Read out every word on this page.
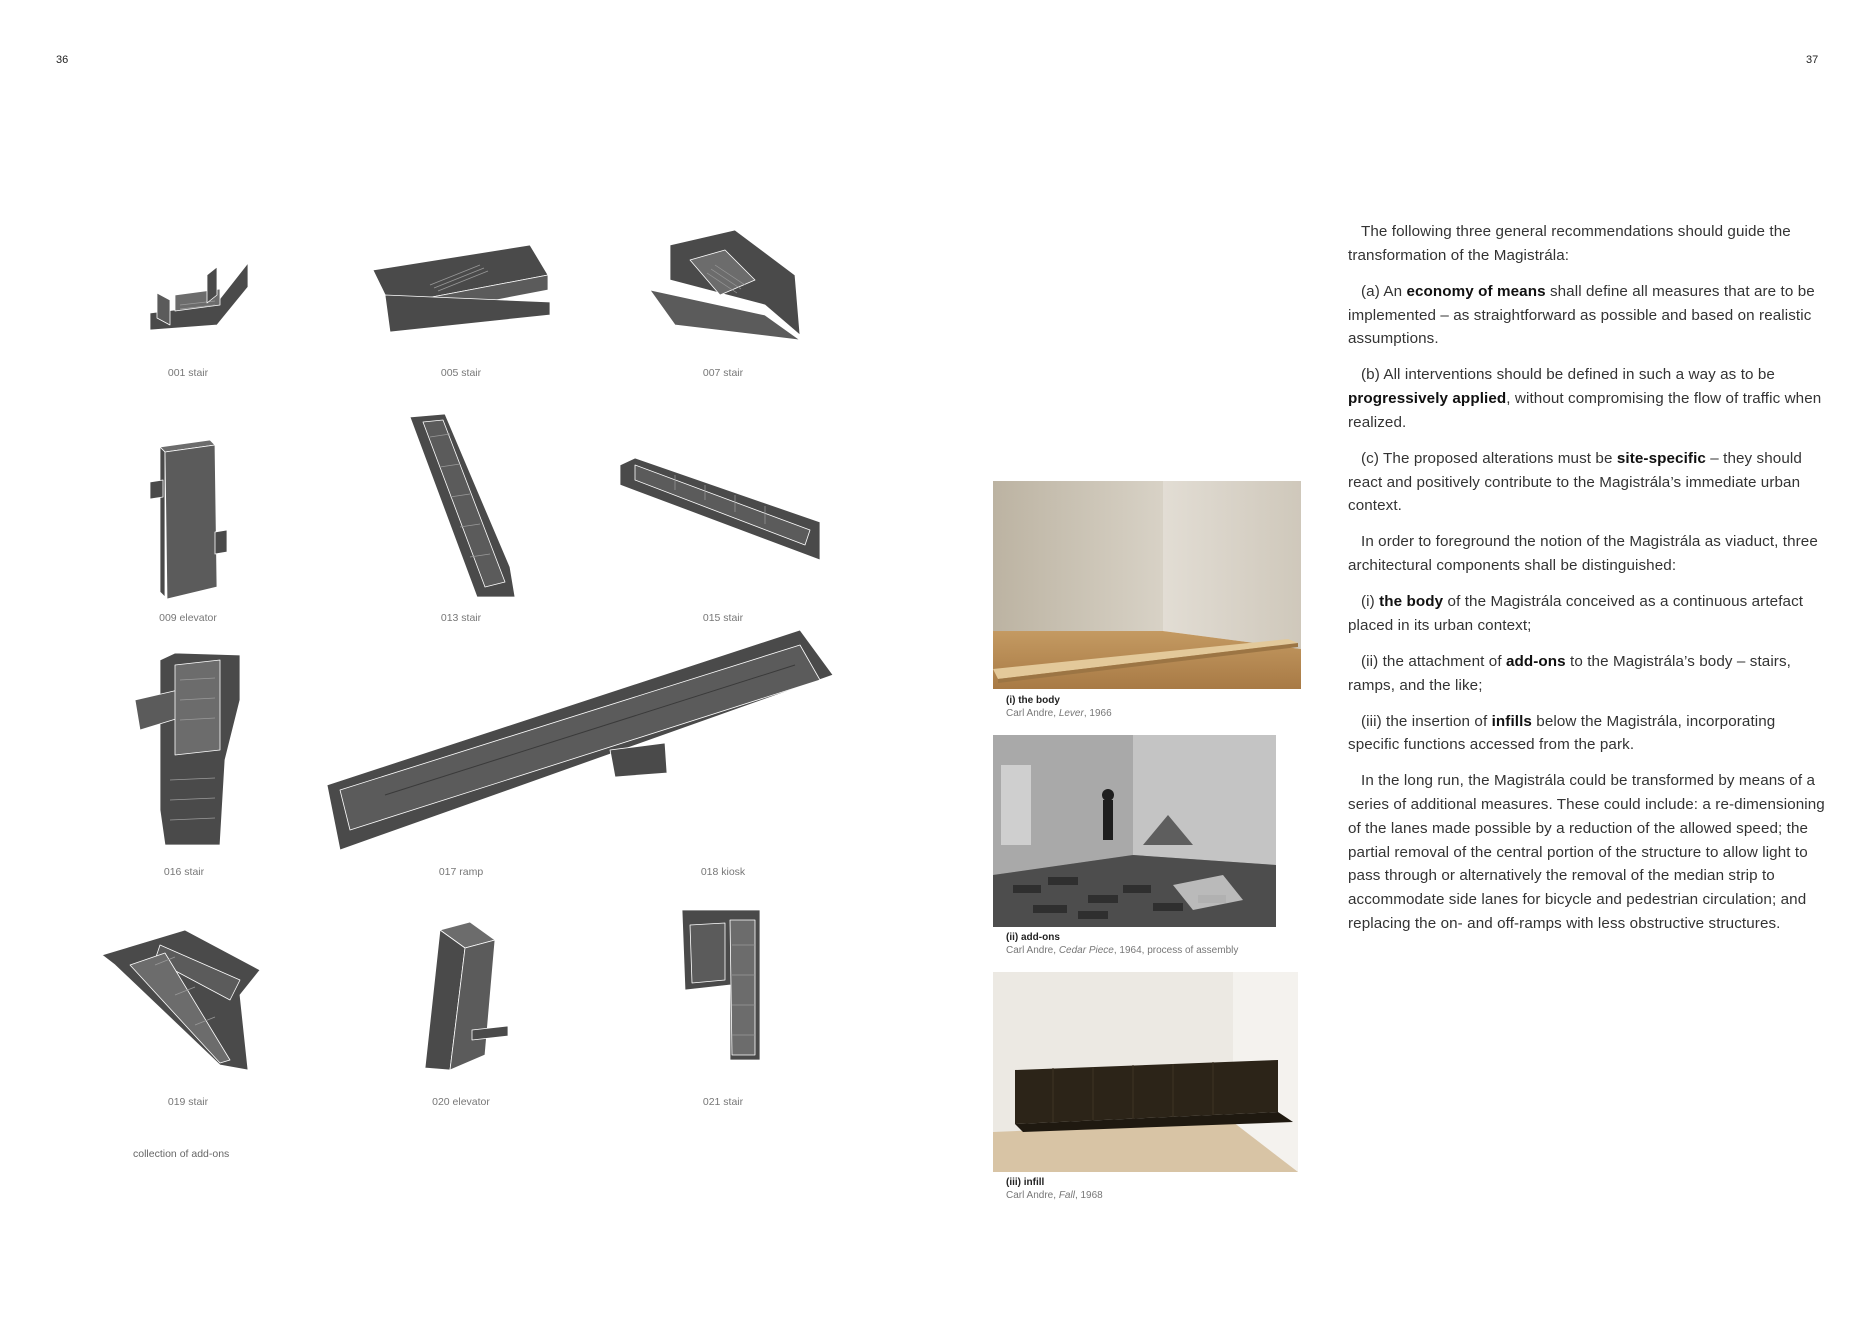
36	37
001 stair	005 stair	007 stair
009 elevator	013 stair	015 stair
016 stair	017 ramp	018 kiosk
019 stair	020 elevator	021 stair
collection of add-ons
(i) the body
Carl Andre, Lever, 1966
(ii) add-ons
Carl Andre, Cedar Piece, 1964, process of assembly
(iii) infill
Carl Andre, Fall, 1968

The following three general recommendations should guide the transformation of the Magistrála:

(a) An economy of means shall define all measures that are to be implemented – as straightforward as possible and based on realistic assumptions.

(b) All interventions should be defined in such a way as to be progressively applied, without compromising the flow of traffic when realized.

(c) The proposed alterations must be site-specific – they should react and positively contribute to the Magistrála’s immediate urban context.

In order to foreground the notion of the Magistrála as viaduct, three architectural components shall be distinguished:

(i) the body of the Magistrála conceived as a continuous artefact placed in its urban context;

(ii) the attachment of add-ons to the Magistrála’s body – stairs, ramps, and the like;

(iii) the insertion of infills below the Magistrála, incorporating specific functions accessed from the park.

In the long run, the Magistrála could be transformed by means of a series of additional measures. These could include: a re-dimensioning of the lanes made possible by a reduction of the allowed speed; the partial removal of the central portion of the structure to allow light to pass through or alternatively the removal of the median strip to accommodate side lanes for bicycle and pedestrian circulation; and replacing the on- and off-ramps with less obstructive structures.
